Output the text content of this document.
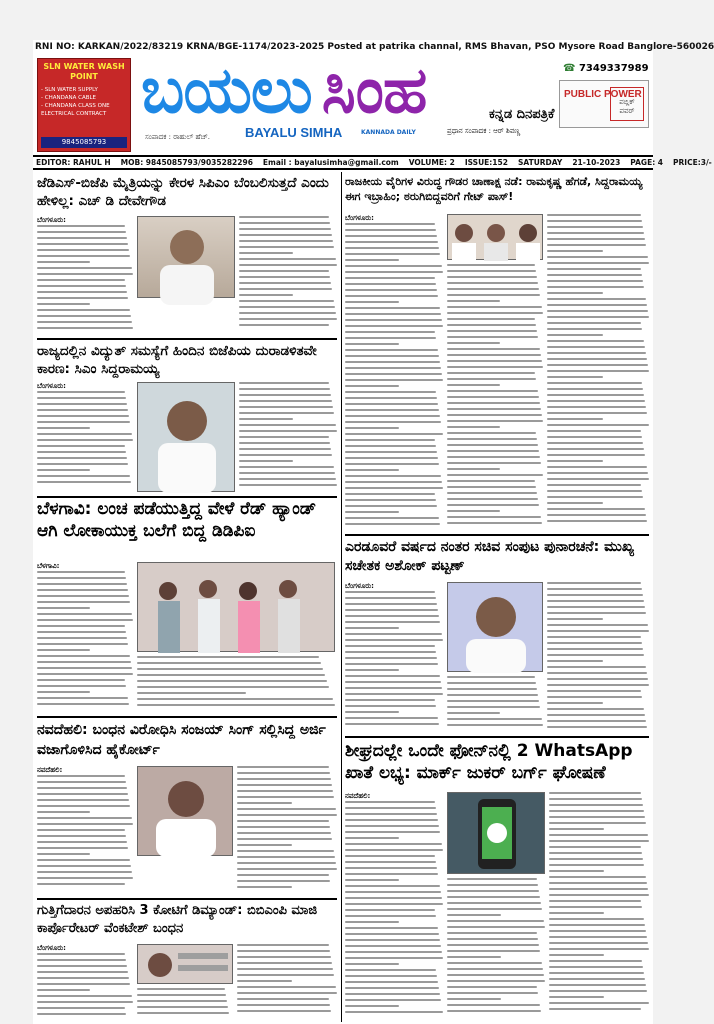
RNI NO: KARKAN/2022/83219 KRNA/BGE-1174/2023-2025 Posted at patrika channal, RMS Bhavan, PSO Mysore Road Banglore-560026
SLN WATER WASH POINT
- SLN WATER SUPPLY
- CHANDANA CABLE
- CHANDANA CLASS ONE ELECTRICAL CONTRACT
9845085793
ಬಯಲು ಸಿಂಹ
ಸಂಪಾದಕ : ರಾಹುಲ್ ಹೆಚ್.	BAYALU SIMHA	KANNADA DAILY
ಕನ್ನಡ ದಿನಪತ್ರಿಕೆ
ಪ್ರಧಾನ ಸಂಪಾದಕ : ಆರ್ ಶಿವಣ್ಣ
☎ 7349337989
PUBLIC POWER
ಪಬ್ಲಿಕ್ ಪವರ್
EDITOR: RAHUL H MOB: 9845085793/9035282296 Email : bayalusimha@gmail.com VOLUME: 2 ISSUE:152 SATURDAY 21-10-2023 PAGE: 4 PRICE:3/-
ಜೆಡಿಎಸ್-ಬಿಜೆಪಿ ಮೈತ್ರಿಯನ್ನು ಕೇರಳ ಸಿಪಿಎಂ ಬೆಂಬಲಿಸುತ್ತದೆ ಎಂದು ಹೇಳಿಲ್ಲ: ಎಚ್ ಡಿ ದೇವೇಗೌಡ
ಬೆಂಗಳೂರು:
ರಾಜಕೀಯ ವೈರಿಗಳ ವಿರುದ್ಧ ಗೌಡರ ಚಾಣಾಕ್ಷ ನಡೆ: ರಾಮಕೃಷ್ಣ ಹೆಗಡೆ, ಸಿದ್ದರಾಮಯ್ಯ ಈಗ ಇಬ್ರಾಹಿಂ; ಠರುಗಿಬಿದ್ದವರಿಗೆ ಗೇಟ್ ಪಾಸ್!
ಬೆಂಗಳೂರು:
ರಾಜ್ಯದಲ್ಲಿನ ವಿದ್ಯುತ್ ಸಮಸ್ಯೆಗೆ ಹಿಂದಿನ ಬಿಜೆಪಿಯ ದುರಾಡಳಿತವೇ ಕಾರಣ: ಸಿಎಂ ಸಿದ್ದರಾಮಯ್ಯ
ಬೆಂಗಳೂರು:
ಬೆಳಗಾವಿ: ಲಂಚ ಪಡೆಯುತ್ತಿದ್ದ ವೇಳೆ ರೆಡ್ ಹ್ಯಾಂಡ್ ಆಗಿ ಲೋಕಾಯುಕ್ತ ಬಲೆಗೆ ಬಿದ್ದ ಡಿಡಿಪಿಐ
ಬೆಳಗಾವಿ:
ಎರಡೂವರೆ ವರ್ಷದ ನಂತರ ಸಚಿವ ಸಂಪುಟ ಪುನಾರಚನೆ: ಮುಖ್ಯ ಸಚೇತಕ ಅಶೋಕ್ ಪಟ್ಟಣ್
ಬೆಂಗಳೂರು:
ನವದೆಹಲಿ: ಬಂಧನ ವಿರೋಧಿಸಿ ಸಂಜಯ್ ಸಿಂಗ್ ಸಲ್ಲಿಸಿದ್ದ ಅರ್ಜಿ ವಜಾಗೊಳಿಸಿದ ಹೈಕೋರ್ಟ್
ನವದೆಹಲಿ:
ಶೀಘ್ರದಲ್ಲೇ ಒಂದೇ ಫೋನ್‌ನಲ್ಲಿ 2 WhatsApp ಖಾತೆ ಲಭ್ಯ: ಮಾರ್ಕ್ ಜುಕರ್ ಬರ್ಗ್ ಘೋಷಣೆ
ನವದೆಹಲಿ:
ಗುತ್ತಿಗೆದಾರನ ಅಪಹರಿಸಿ 3 ಕೋಟಿಗೆ ಡಿಮ್ಯಾಂಡ್: ಬಿಬಿಎಂಪಿ ಮಾಜಿ ಕಾರ್ಪೊರೇಟರ್ ವೆಂಕಟೇಶ್ ಬಂಧನ
ಬೆಂಗಳೂರು:
